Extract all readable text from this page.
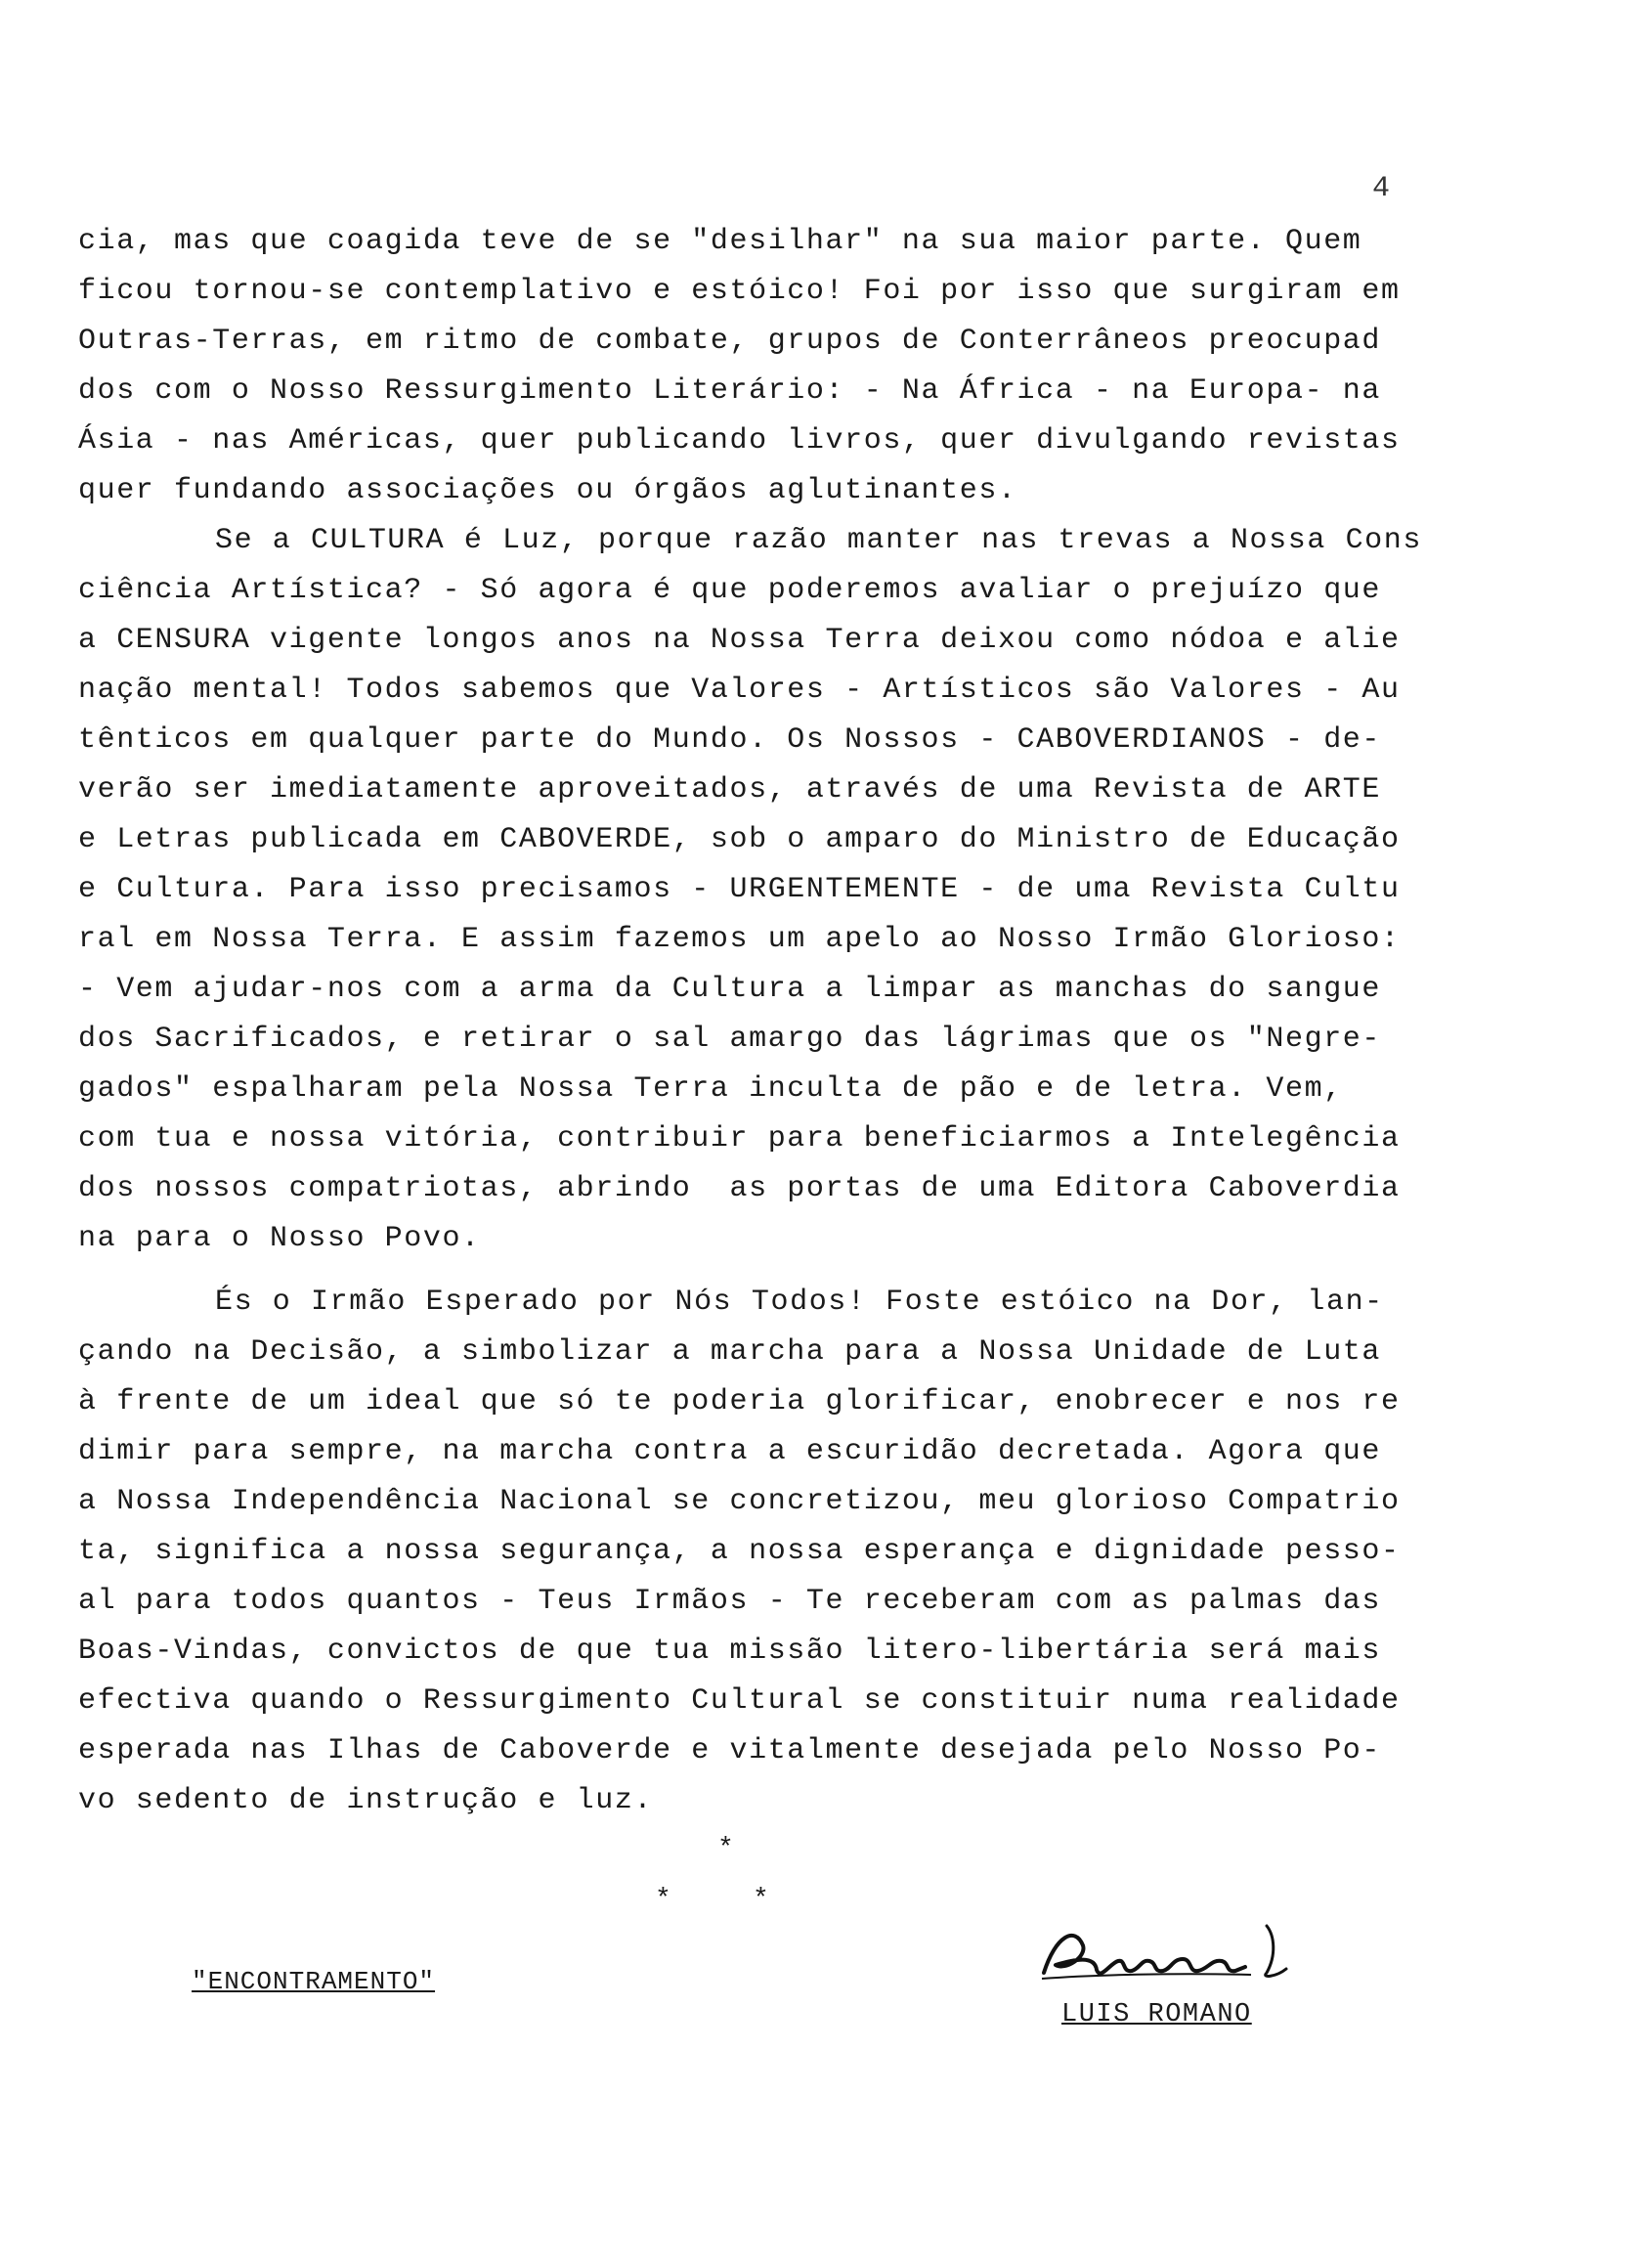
4
cia, mas que coagida teve de se "desilhar" na sua maior parte. Quem
ficou tornou-se contemplativo e estóico! Foi por isso que surgiram em
Outras-Terras, em ritmo de combate, grupos de Conterrâneos preocupad
dos com o Nosso Ressurgimento Literário: - Na África - na Europa- na
Ásia - nas Américas, quer publicando livros, quer divulgando revistas
quer fundando associações ou órgãos aglutinantes.
Se a CULTURA é Luz, porque razão manter nas trevas a Nossa Cons
ciência Artística? - Só agora é que poderemos avaliar o prejuízo que
a CENSURA vigente longos anos na Nossa Terra deixou como nódoa e alie
nação mental! Todos sabemos que Valores - Artísticos são Valores - Au
tênticos em qualquer parte do Mundo. Os Nossos - CABOVERDIANOS - de-
verão ser imediatamente aproveitados, através de uma Revista de ARTE
e Letras publicada em CABOVERDE, sob o amparo do Ministro de Educação
e Cultura. Para isso precisamos - URGENTEMENTE - de uma Revista Cultu
ral em Nossa Terra. E assim fazemos um apelo ao Nosso Irmão Glorioso:
- Vem ajudar-nos com a arma da Cultura a limpar as manchas do sangue
dos Sacrificados, e retirar o sal amargo das lágrimas que os "Negre-
gados" espalharam pela Nossa Terra inculta de pão e de letra. Vem,
com tua e nossa vitória, contribuir para beneficiarmos a Intelegência
dos nossos compatriotas, abrindo  as portas de uma Editora Caboverdia
na para o Nosso Povo.
És o Irmão Esperado por Nós Todos! Foste estóico na Dor, lan-
çando na Decisão, a simbolizar a marcha para a Nossa Unidade de Luta
à frente de um ideal que só te poderia glorificar, enobrecer e nos re
dimir para sempre, na marcha contra a escuridão decretada. Agora que
a Nossa Independência Nacional se concretizou, meu glorioso Compatrio
ta, significa a nossa segurança, a nossa esperança e dignidade pesso-
al para todos quantos - Teus Irmãos - Te receberam com as palmas das
Boas-Vindas, convictos de que tua missão litero-libertária será mais
efectiva quando o Ressurgimento Cultural se constituir numa realidade
esperada nas Ilhas de Caboverde e vitalmente desejada pelo Nosso Po-
vo sedento de instrução e luz.
*
*	*
"ENCONTRAMENTO"
LUIS ROMANO
